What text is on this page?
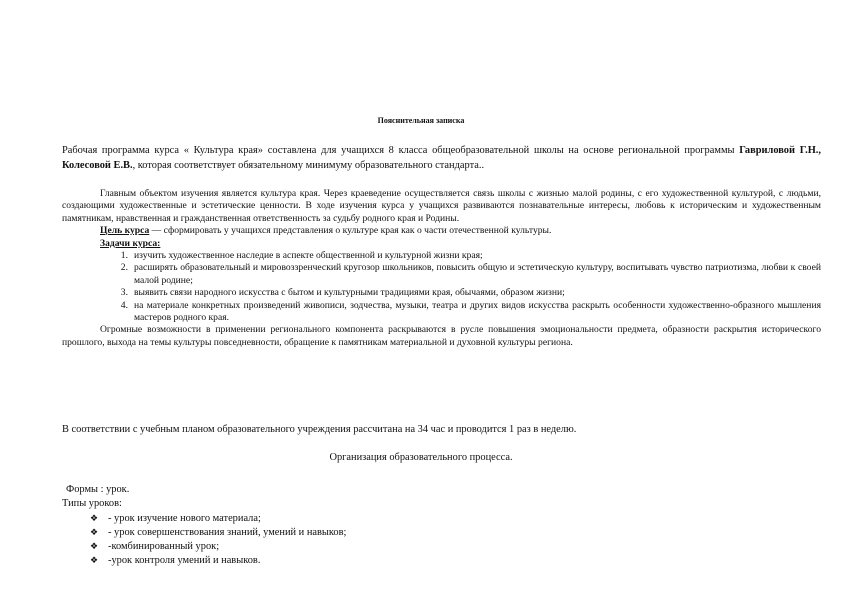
Пояснительная записка
Рабочая программа курса « Культура края» составлена для учащихся 8 класса общеобразовательной школы на основе региональной программы Гавриловой Г.Н., Колесовой Е.В., которая соответствует обязательному минимуму образовательного стандарта..

Главным объектом изучения является культура края. Через краеведение осуществляется связь школы с жизнью малой родины, с его художественной культурой, с людьми, создающими художественные и эстетические ценности. В ходе изучения курса у учащихся развиваются познавательные интересы, любовь к историческим и художественным памятникам, нравственная и гражданственная ответственность за судьбу родного края и Родины.

Цель курса — сформировать у учащихся представления о культуре края как о части отечественной культуры.

Задачи курса:

1. изучить художественное наследие в аспекте общественной и культурной жизни края;
2. расширять образовательный и мировоззренческий кругозор школьников, повысить общую и эстетическую культуру, воспитывать чувство патриотизма, любви к своей малой родине;
3. выявить связи народного искусства с бытом и культурными традициями края, обычаями, образом жизни;
4. на материале конкретных произведений живописи, зодчества, музыки, театра и других видов искусства раскрыть особенности художественно-образного мышления мастеров родного края.

Огромные возможности в применении регионального компонента раскрываются в русле повышения эмоциональности предмета, образности раскрытия исторического прошлого, выхода на темы культуры повседневности, обращение к памятникам материальной и духовной культуры региона.

В соответствии с учебным планом образовательного учреждения рассчитана на 34 час и проводится 1 раз в неделю.
Организация образовательного процесса.
Формы : урок.
Типы уроков:
❖ - урок изучение нового материала;
❖ - урок совершенствования знаний, умений и навыков;
❖ -комбинированный урок;
❖ -урок контроля умений и навыков.
